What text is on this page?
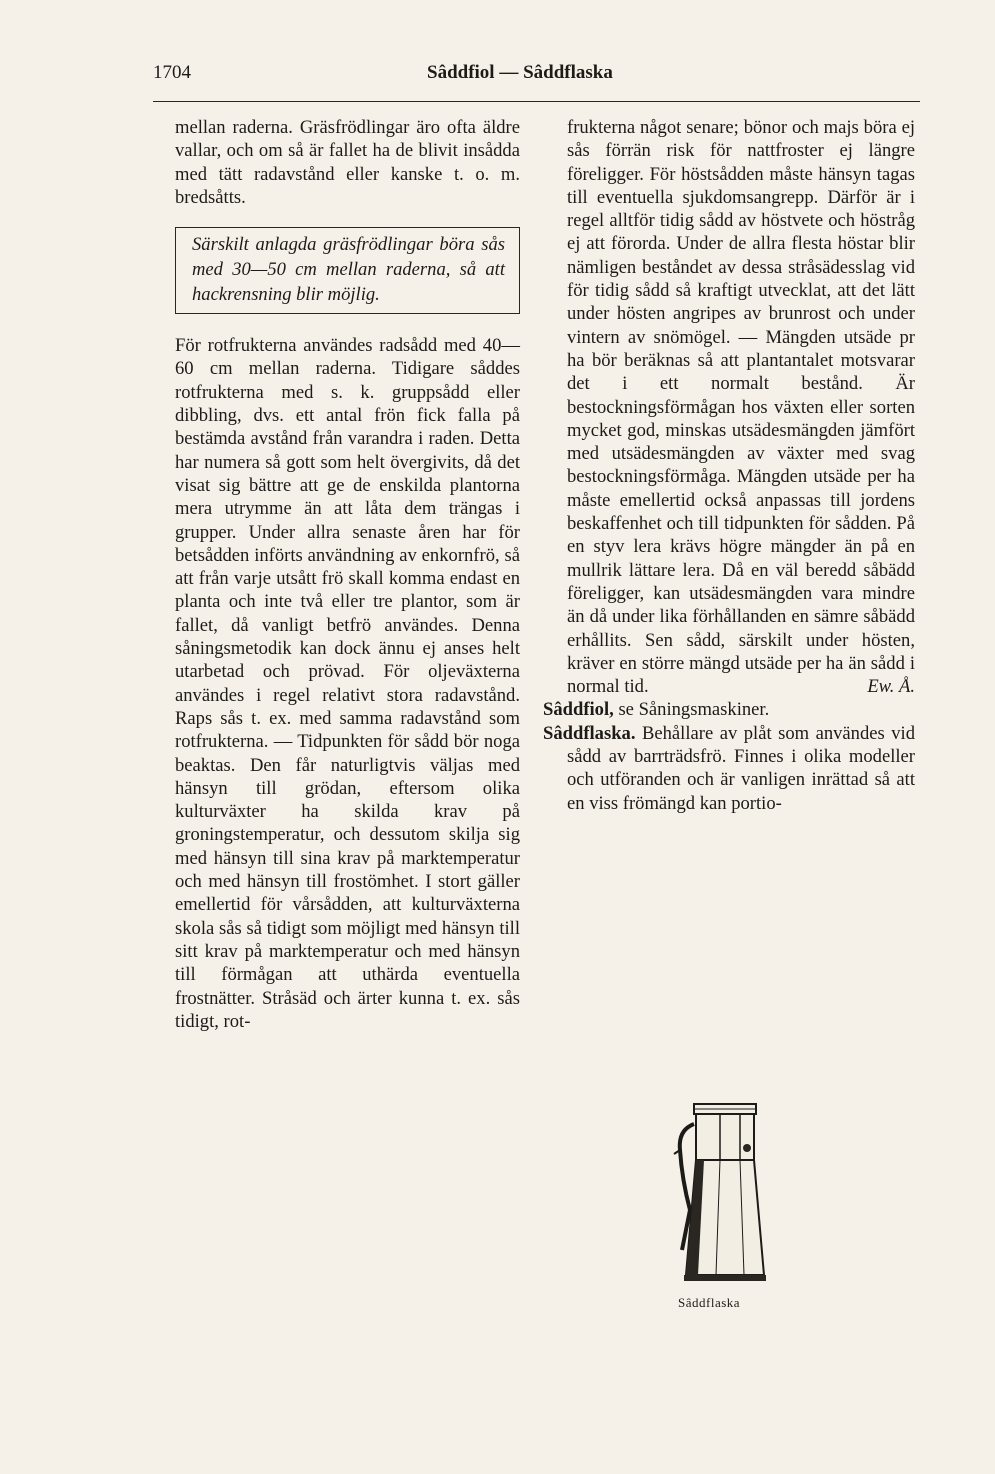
1704	Sâddfiol — Sâddflaska

mellan raderna. Gräsfrödlingar äro ofta äldre vallar, och om så är fallet ha de blivit insådda med tätt radavstånd eller kanske t. o. m. bredsåtts.

Särskilt anlagda gräsfrödlingar böra sås med 30—50 cm mellan raderna, så att hackrensning blir möjlig.

För rotfrukterna användes radsådd med 40—60 cm mellan raderna. Tidigare såddes rotfrukterna med s. k. gruppsådd eller dibbling, dvs. ett antal frön fick falla på bestämda avstånd från varandra i raden. Detta har numera så gott som helt övergivits, då det visat sig bättre att ge de enskilda plantorna mera utrymme än att låta dem trängas i grupper. Under allra senaste åren har för betsådden införts användning av enkornfrö, så att från varje utsått frö skall komma endast en planta och inte två eller tre plantor, som är fallet, då vanligt betfrö användes. Denna såningsmetodik kan dock ännu ej anses helt utarbetad och prövad. För oljeväxterna användes i regel relativt stora radavstånd. Raps sås t. ex. med samma radavstånd som rotfrukterna. — Tidpunkten för sådd bör noga beaktas. Den får naturligtvis väljas med hänsyn till grödan, eftersom olika kulturväxter ha skilda krav på groningstemperatur, och dessutom skilja sig med hänsyn till sina krav på marktemperatur och med hänsyn till frostömhet. I stort gäller emellertid för vårsådden, att kulturväxterna skola sås så tidigt som möjligt med hänsyn till sitt krav på marktemperatur och med hänsyn till förmågan att uthärda eventuella frostnätter. Stråsäd och ärter kunna t. ex. sås tidigt, rot-

frukterna något senare; bönor och majs böra ej sås förrän risk för nattfroster ej längre föreligger. För höstsådden måste hänsyn tagas till eventuella sjukdomsangrepp. Därför är i regel alltför tidig sådd av höstvete och höstråg ej att förorda. Under de allra flesta höstar blir nämligen beståndet av dessa stråsädesslag vid för tidig sådd så kraftigt utvecklat, att det lätt under hösten angripes av brunrost och under vintern av snömögel. — Mängden utsäde pr ha bör beräknas så att plantantalet motsvarar det i ett normalt bestånd. Är bestockningsförmågan hos växten eller sorten mycket god, minskas utsädesmängden jämfört med utsädesmängden av växter med svag bestockningsförmåga. Mängden utsäde per ha måste emellertid också anpassas till jordens beskaffenhet och till tidpunkten för sådden. På en styv lera krävs högre mängder än på en mullrik lättare lera. Då en väl beredd såbädd föreligger, kan utsädesmängden vara mindre än då under lika förhållanden en sämre såbädd erhållits. Sen sådd, särskilt under hösten, kräver en större mängd utsäde per ha än sådd i normal tid.	Ew. Å.

Sâddfiol, se Såningsmaskiner.

Sâddflaska. Behållare av plåt som användes vid sådd av barrträdsfrö. Finnes i olika modeller och utföranden och är vanligen inrättad så att en viss frömängd kan portio-

Sâddflaska
